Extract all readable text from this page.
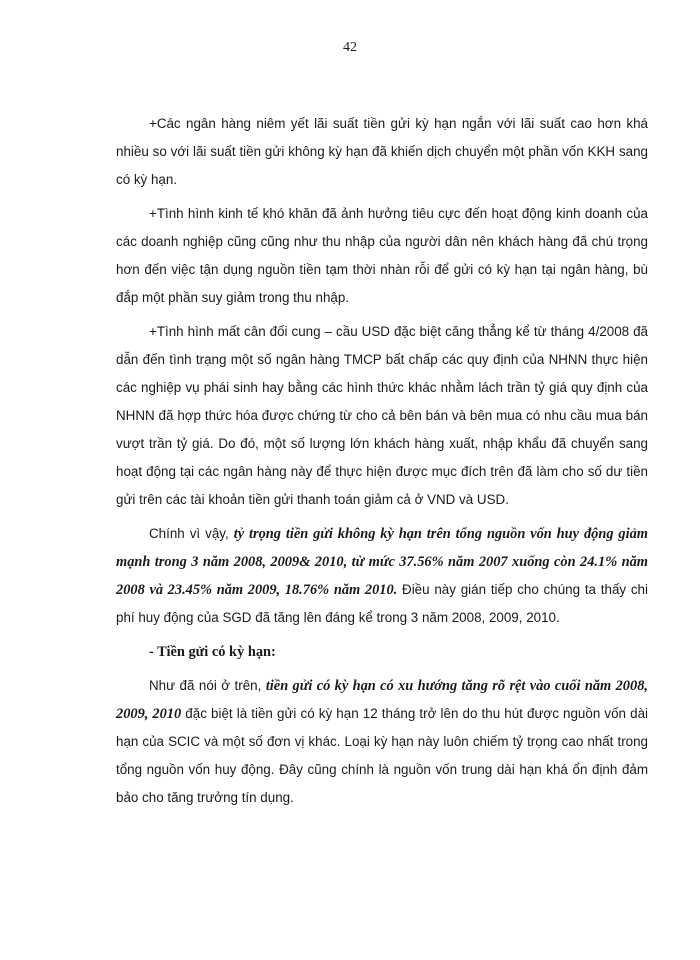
42

+Các ngân hàng niêm yết lãi suất tiền gửi kỳ hạn ngắn với lãi suất cao hơn khá nhiều so với lãi suất tiền gửi không kỳ hạn đã khiến dịch chuyển một phần vốn KKH sang có kỳ hạn.

+Tình hình kinh tế khó khăn đã ảnh hưởng tiêu cực đến hoạt động kinh doanh của các doanh nghiệp cũng cũng như thu nhập của người dân nên khách hàng đã chú trọng hơn đến việc tận dụng nguồn tiền tạm thời nhàn rỗi để gửi có kỳ hạn tại ngân hàng, bù đắp một phần suy giảm trong thu nhập.

+Tình hình mất cân đối cung – cầu USD đặc biệt căng thẳng kể từ tháng 4/2008 đã dẫn đến tình trạng một số ngân hàng TMCP bất chấp các quy định của NHNN thực hiện các nghiệp vụ phái sinh hay bằng các hình thức khác nhằm lách trần tỷ giá quy định của NHNN đã hợp thức hóa được chứng từ cho cả bên bán và bên mua có nhu cầu mua bán vượt trần tỷ giá. Do đó, một số lượng lớn khách hàng xuất, nhập khẩu đã chuyển sang hoạt động tại các ngân hàng này để thực hiện được mục đích trên đã làm cho số dư tiền gửi trên các tài khoản tiền gửi thanh toán giảm cả ở VND và USD.

Chính vì vậy, tỷ trọng tiền gửi không kỳ hạn trên tổng nguồn vốn huy động giảm mạnh trong 3 năm 2008, 2009& 2010, từ mức 37.56% năm 2007 xuống còn 24.1% năm 2008 và 23.45% năm 2009, 18.76% năm 2010. Điều này gián tiếp cho chúng ta thấy chi phí huy động của SGD đã tăng lên đáng kể trong 3 năm 2008, 2009, 2010.

- Tiền gửi có kỳ hạn:

Như đã nói ở trên, tiền gửi có kỳ hạn có xu hướng tăng rõ rệt vào cuối năm 2008, 2009, 2010 đặc biệt là tiền gửi có kỳ hạn 12 tháng trở lên do thu hút được nguồn vốn dài hạn của SCIC và một số đơn vị khác. Loại kỳ hạn này luôn chiếm tỷ trọng cao nhất trong tổng nguồn vốn huy động. Đây cũng chính là nguồn vốn trung dài hạn khá ổn định đảm bảo cho tăng trưởng tín dụng.
